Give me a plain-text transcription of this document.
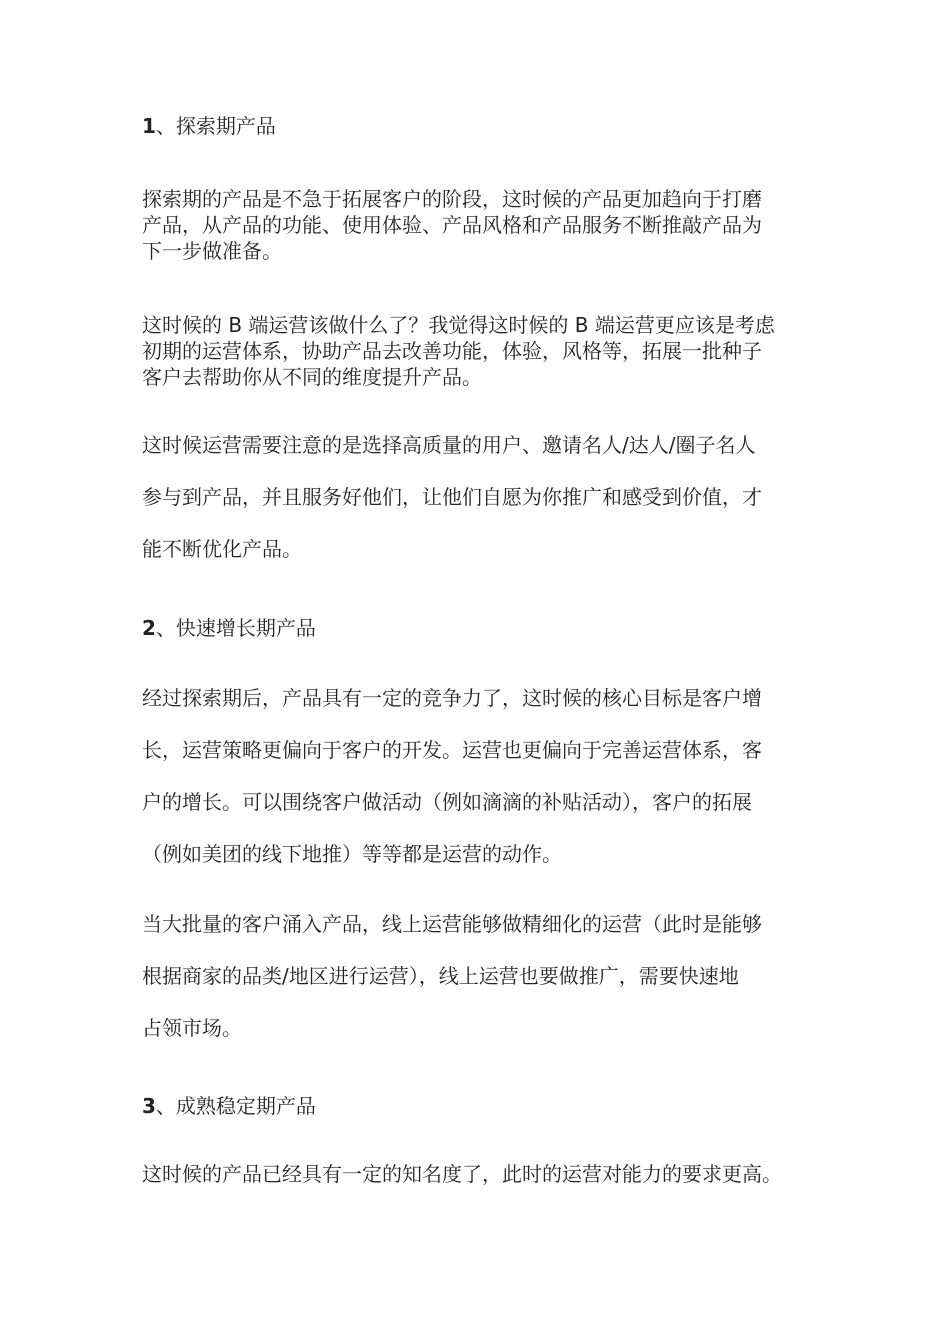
1、探索期产品

探索期的产品是不急于拓展客户的阶段，这时候的产品更加趋向于打磨
产品，从产品的功能、使用体验、产品风格和产品服务不断推敲产品为
下一步做准备。

这时候的 B 端运营该做什么了？我觉得这时候的 B 端运营更应该是考虑
初期的运营体系，协助产品去改善功能，体验，风格等，拓展一批种子
客户去帮助你从不同的维度提升产品。

这时候运营需要注意的是选择高质量的用户、邀请名人/达人/圈子名人
参与到产品，并且服务好他们，让他们自愿为你推广和感受到价值，才
能不断优化产品。

2、快速增长期产品

经过探索期后，产品具有一定的竞争力了，这时候的核心目标是客户增
长，运营策略更偏向于客户的开发。运营也更偏向于完善运营体系，客
户的增长。可以围绕客户做活动（例如滴滴的补贴活动），客户的拓展
（例如美团的线下地推）等等都是运营的动作。

当大批量的客户涌入产品，线上运营能够做精细化的运营（此时是能够
根据商家的品类/地区进行运营），线上运营也要做推广，需要快速地
占领市场。

3、成熟稳定期产品

这时候的产品已经具有一定的知名度了，此时的运营对能力的要求更高。
